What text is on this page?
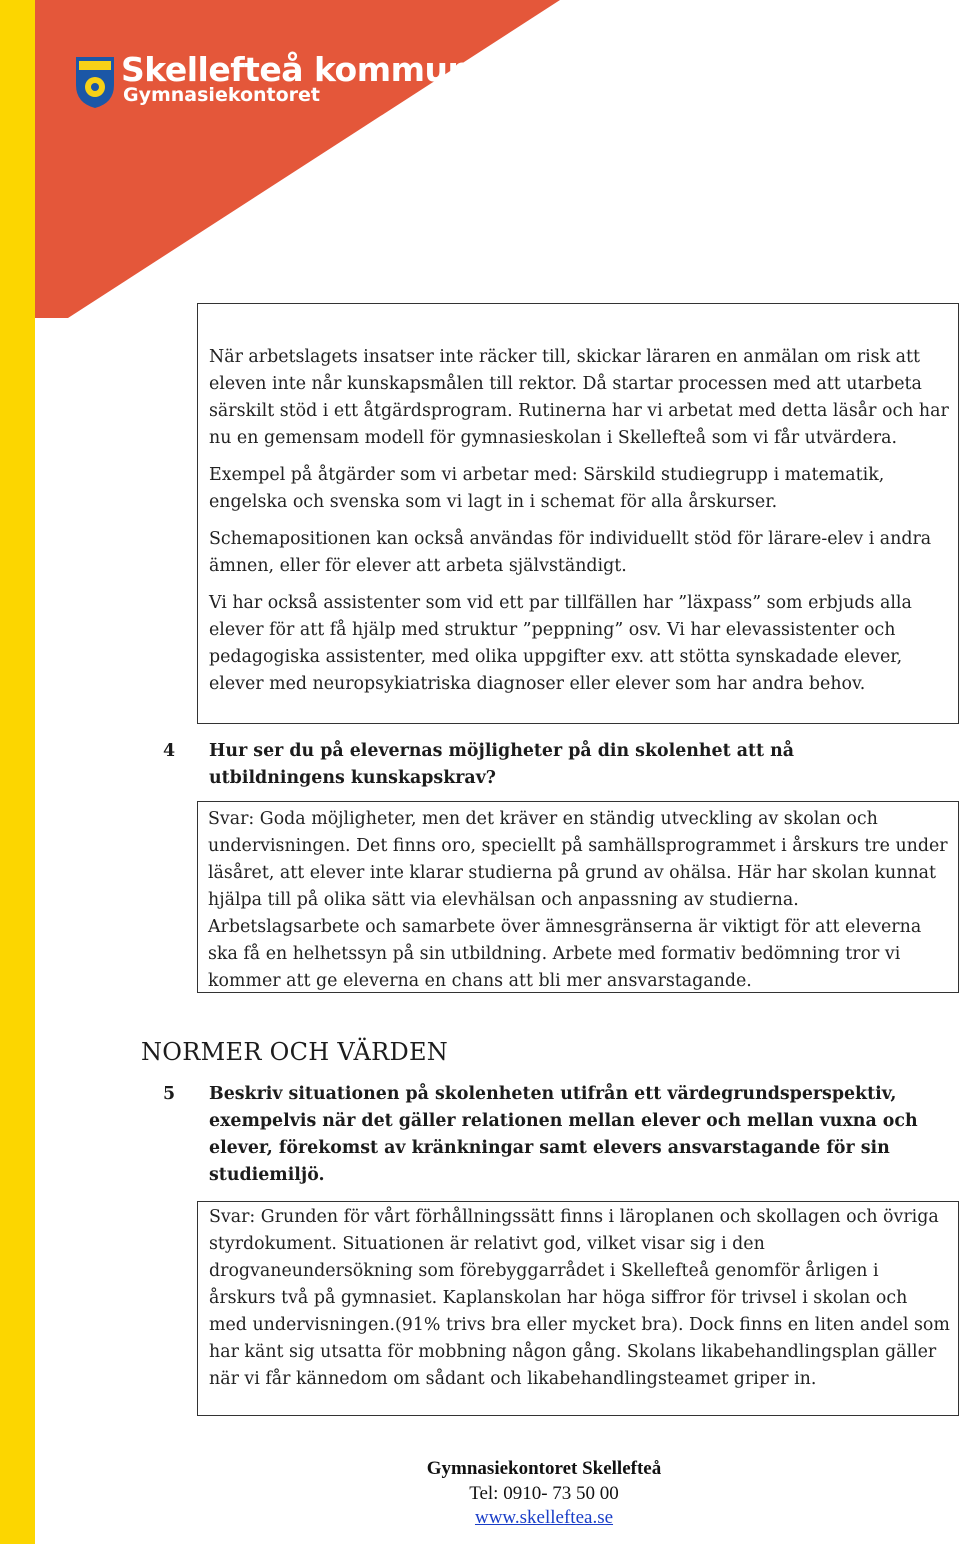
Skellefteå kommun
Gymnasiekontoret

När arbetslagets insatser inte räcker till, skickar läraren en anmälan om risk att eleven inte når kunskapsmålen till rektor. Då startar processen med att utarbeta särskilt stöd i ett åtgärdsprogram. Rutinerna har vi arbetat med detta läsår och har nu en gemensam modell för gymnasieskolan i Skellefteå som vi får utvärdera.

Exempel på åtgärder som vi arbetar med: Särskild studiegrupp i matematik, engelska och svenska som vi lagt in i schemat för alla årskurser.

Schemapositionen kan också användas för individuellt stöd för lärare-elev i andra ämnen, eller för elever att arbeta självständigt.

Vi har också assistenter som vid ett par tillfällen har ”läxpass” som erbjuds alla elever för att få hjälp med struktur ”peppning” osv. Vi har elevassistenter och pedagogiska assistenter, med olika uppgifter exv. att stötta synskadade elever, elever med neuropsykiatriska diagnoser eller elever som har andra behov.

4	Hur ser du på elevernas möjligheter på din skolenhet att nå utbildningens kunskapskrav?

Svar: Goda möjligheter, men det kräver en ständig utveckling av skolan och undervisningen. Det finns oro, speciellt på samhällsprogrammet i årskurs tre under läsåret, att elever inte klarar studierna på grund av ohälsa. Här har skolan kunnat hjälpa till på olika sätt via elevhälsan och anpassning av studierna. Arbetslagsarbete och samarbete över ämnesgränserna är viktigt för att eleverna ska få en helhetssyn på sin utbildning. Arbete med formativ bedömning tror vi kommer att ge eleverna en chans att bli mer ansvarstagande.

NORMER OCH VÄRDEN
5	Beskriv situationen på skolenheten utifrån ett värdegrundsperspektiv, exempelvis när det gäller relationen mellan elever och mellan vuxna och elever, förekomst av kränkningar samt elevers ansvarstagande för sin studiemiljö.

Svar: Grunden för vårt förhållningssätt finns i läroplanen och skollagen och övriga styrdokument. Situationen är relativt god, vilket visar sig i den drogvaneundersökning som förebyggarrådet i Skellefteå genomför årligen i årskurs två på gymnasiet. Kaplanskolan har höga siffror för trivsel i skolan och med undervisningen.(91% trivs bra eller mycket bra). Dock finns en liten andel som har känt sig utsatta för mobbning någon gång. Skolans likabehandlingsplan gäller när vi får kännedom om sådant och likabehandlingsteamet griper in.

Gymnasiekontoret Skellefteå
Tel: 0910- 73 50 00
www.skelleftea.se
